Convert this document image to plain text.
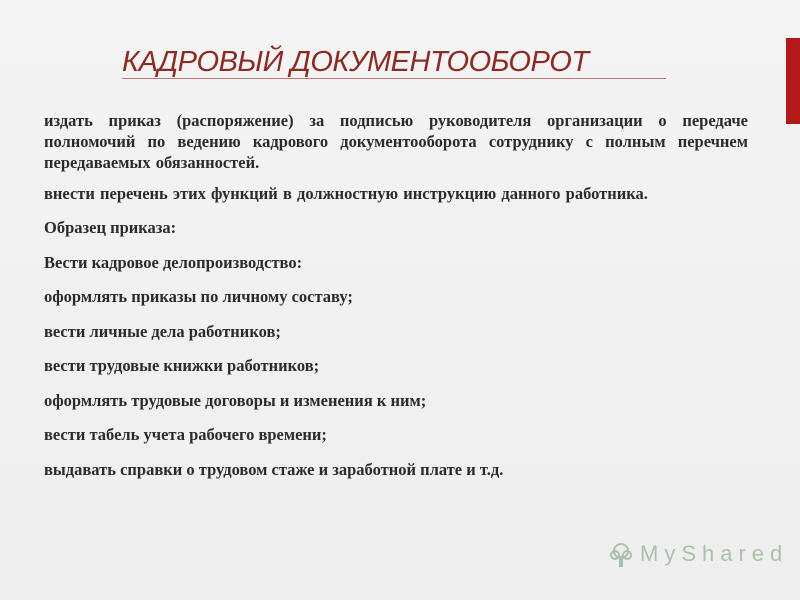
КАДРОВЫЙ ДОКУМЕНТООБОРОТ

издать приказ (распоряжение) за подписью руководителя организации о передаче полномочий по ведению кадрового документооборота сотруднику с полным перечнем передаваемых обязанностей.

внести перечень этих функций в должностную инструкцию данного работника.

Образец приказа:

Вести кадровое делопроизводство:

оформлять приказы по личному составу;

вести личные дела работников;

вести трудовые книжки работников;

оформлять трудовые договоры и изменения к ним;

вести табель учета рабочего времени;

выдавать справки о трудовом стаже и заработной плате и т.д.

MyShared
